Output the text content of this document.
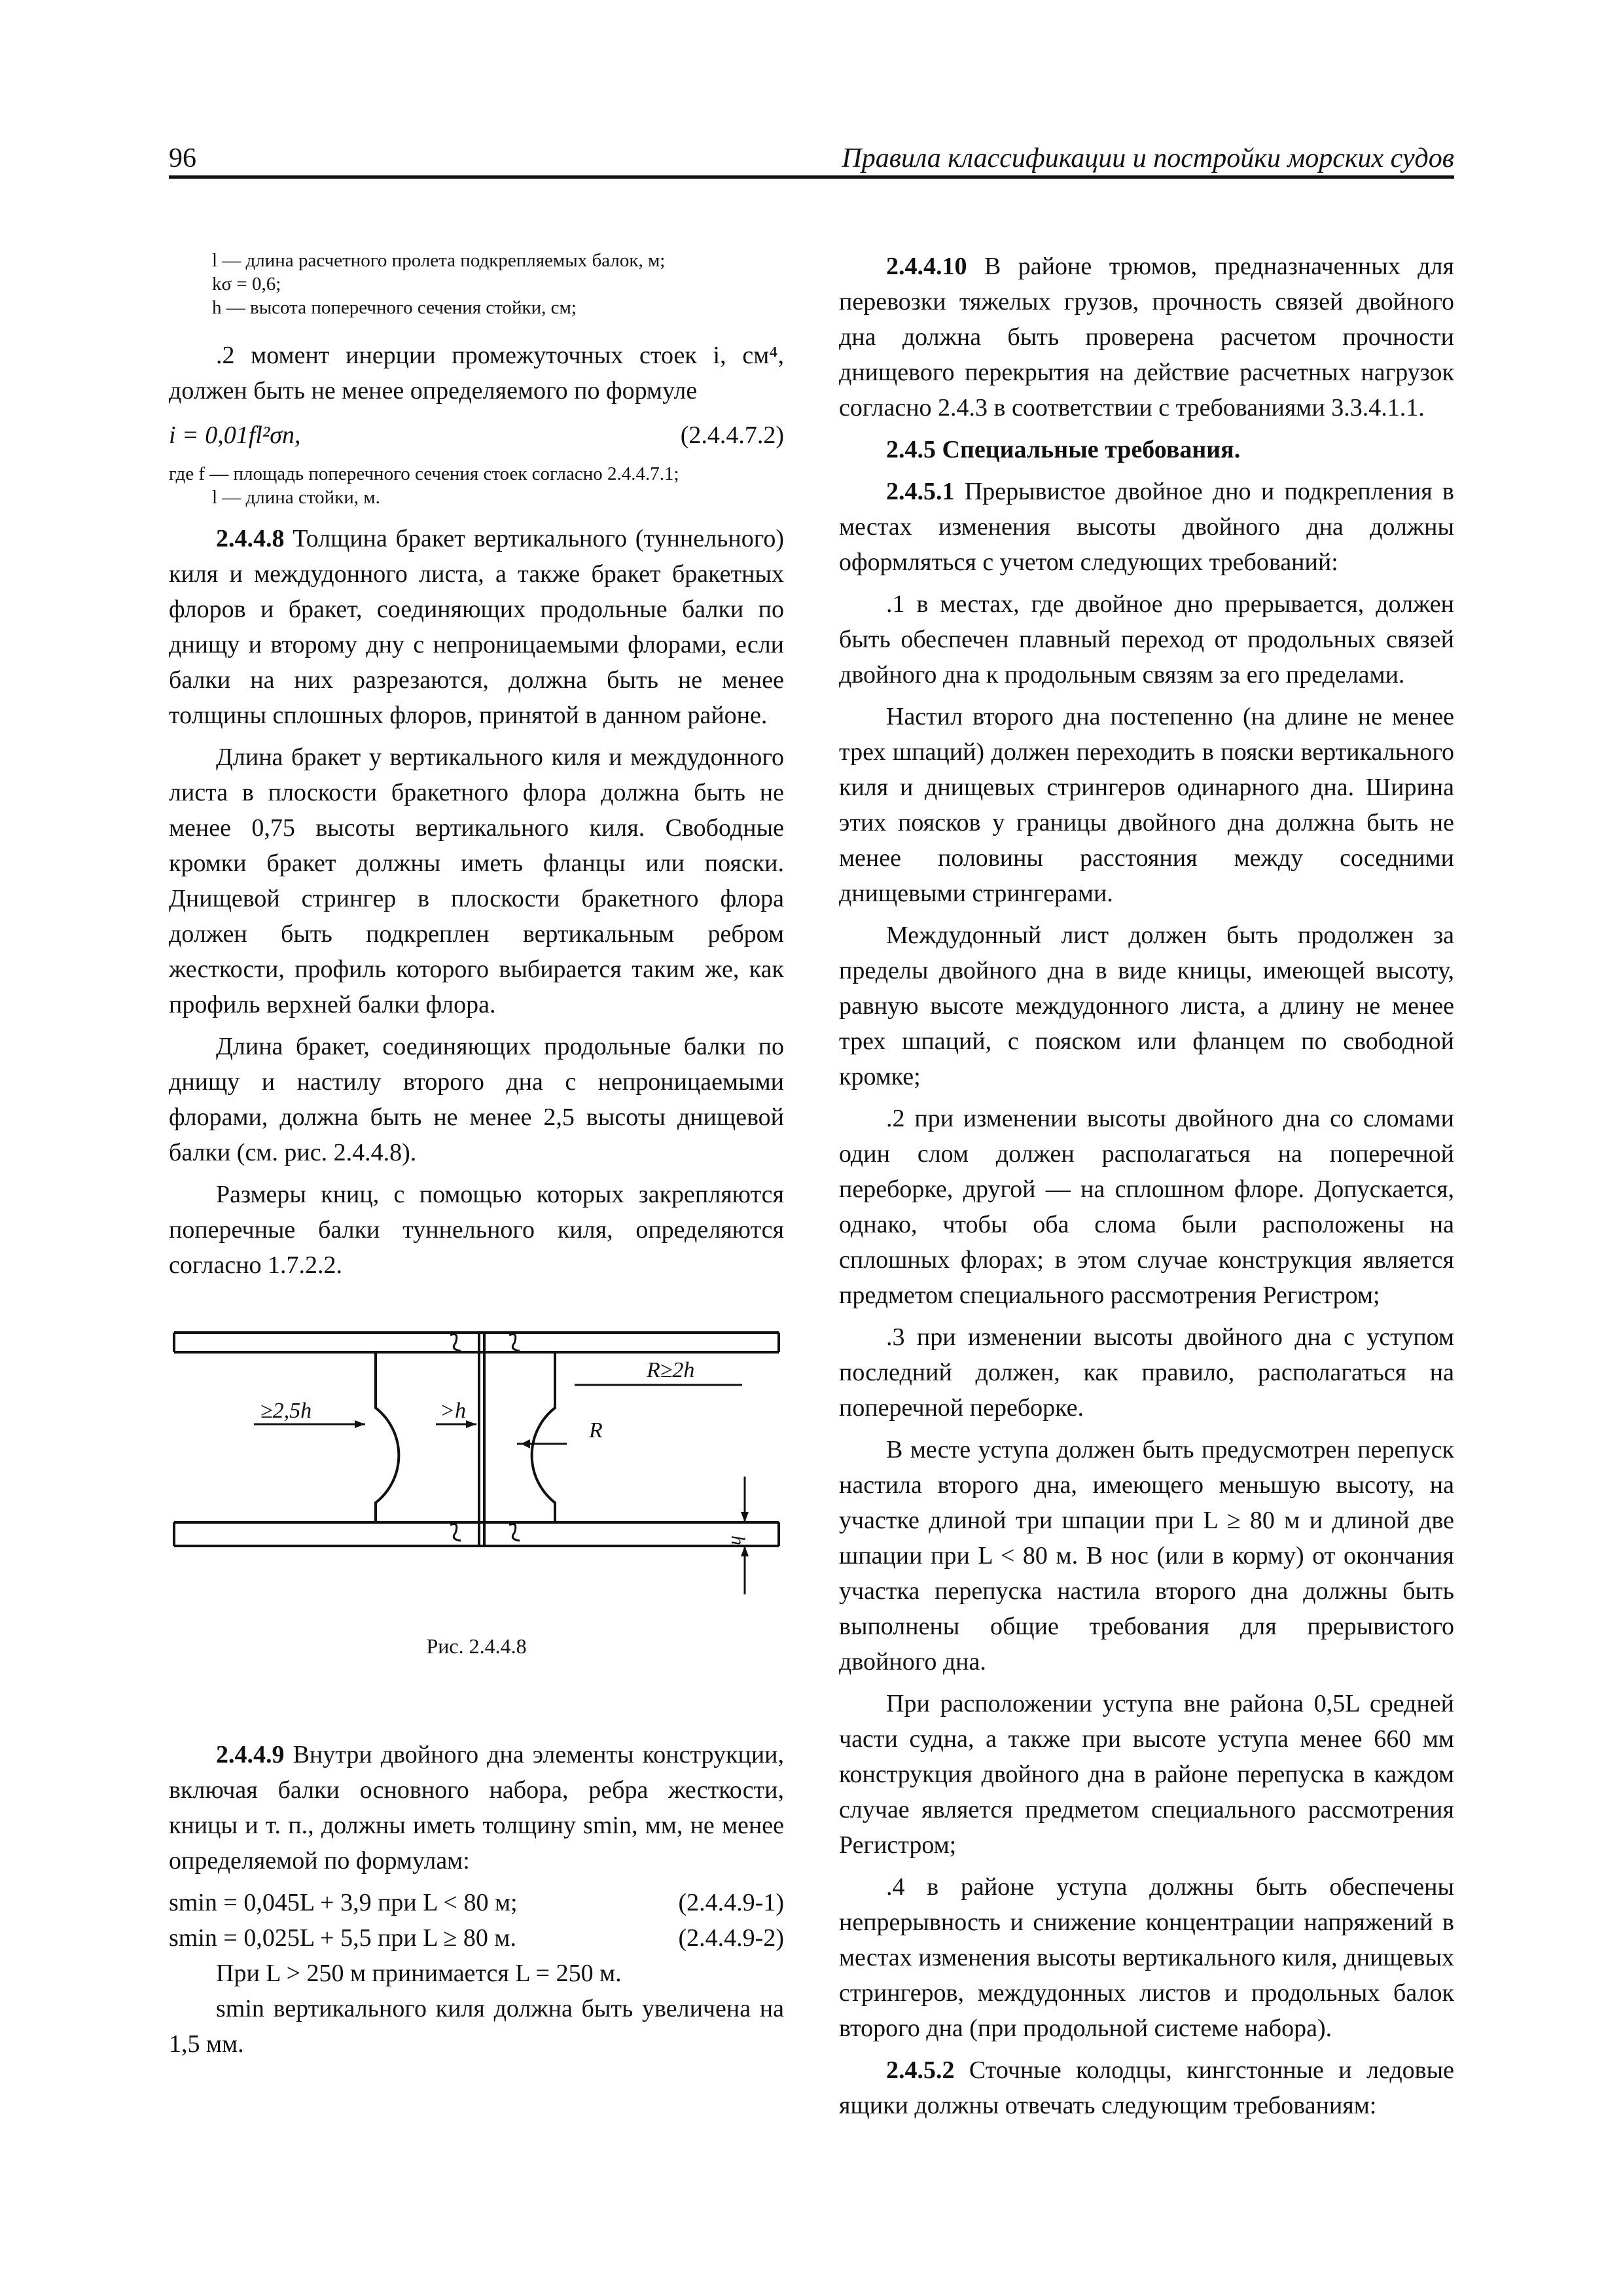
96	Правила классификации и постройки морских судов

l — длина расчетного пролета подкрепляемых балок, м;

kσ = 0,6;

h — высота поперечного сечения стойки, см;

.2 момент инерции промежуточных стоек i, см⁴, должен быть не менее определяемого по формуле

i = 0,01fl²σn,	(2.4.4.7.2)

где f — площадь поперечного сечения стоек согласно 2.4.4.7.1;

l — длина стойки, м.

2.4.4.8 Толщина бракет вертикального (туннельного) киля и междудонного листа, а также бракет бракетных флоров и бракет, соединяющих продольные балки по днищу и второму дну с непроницаемыми флорами, если балки на них разрезаются, должна быть не менее толщины сплошных флоров, принятой в данном районе.

Длина бракет у вертикального киля и междудонного листа в плоскости бракетного флора должна быть не менее 0,75 высоты вертикального киля. Свободные кромки бракет должны иметь фланцы или пояски. Днищевой стрингер в плоскости бракетного флора должен быть подкреплен вертикальным ребром жесткости, профиль которого выбирается таким же, как профиль верхней балки флора.

Длина бракет, соединяющих продольные балки по днищу и настилу второго дна с непроницаемыми флорами, должна быть не менее 2,5 высоты днищевой балки (см. рис. 2.4.4.8).

Размеры книц, с помощью которых закрепляются поперечные балки туннельного киля, определяются согласно 1.7.2.2.

≥2,5h	>h
R≥2h
R
h
Рис. 2.4.4.8

2.4.4.9 Внутри двойного дна элементы конструкции, включая балки основного набора, ребра жесткости, кницы и т. п., должны иметь толщину smin, мм, не менее определяемой по формулам:

smin = 0,045L + 3,9 при L < 80 м;	(2.4.4.9-1)
smin = 0,025L + 5,5 при L ≥ 80 м.	(2.4.4.9-2)

При L > 250 м принимается L = 250 м.

smin вертикального киля должна быть увеличена на 1,5 мм.

2.4.4.10 В районе трюмов, предназначенных для перевозки тяжелых грузов, прочность связей двойного дна должна быть проверена расчетом прочности днищевого перекрытия на действие расчетных нагрузок согласно 2.4.3 в соответствии с требованиями 3.3.4.1.1.

2.4.5 Специальные требования.

2.4.5.1 Прерывистое двойное дно и подкрепления в местах изменения высоты двойного дна должны оформляться с учетом следующих требований:

.1 в местах, где двойное дно прерывается, должен быть обеспечен плавный переход от продольных связей двойного дна к продольным связям за его пределами.

Настил второго дна постепенно (на длине не менее трех шпаций) должен переходить в пояски вертикального киля и днищевых стрингеров одинарного дна. Ширина этих поясков у границы двойного дна должна быть не менее половины расстояния между соседними днищевыми стрингерами.

Междудонный лист должен быть продолжен за пределы двойного дна в виде кницы, имеющей высоту, равную высоте междудонного листа, а длину не менее трех шпаций, с пояском или фланцем по свободной кромке;

.2 при изменении высоты двойного дна со сломами один слом должен располагаться на поперечной переборке, другой — на сплошном флоре. Допускается, однако, чтобы оба слома были расположены на сплошных флорах; в этом случае конструкция является предметом специального рассмотрения Регистром;

.3 при изменении высоты двойного дна с уступом последний должен, как правило, располагаться на поперечной переборке.

В месте уступа должен быть предусмотрен перепуск настила второго дна, имеющего меньшую высоту, на участке длиной три шпации при L ≥ 80 м и длиной две шпации при L < 80 м. В нос (или в корму) от окончания участка перепуска настила второго дна должны быть выполнены общие требования для прерывистого двойного дна.

При расположении уступа вне района 0,5L средней части судна, а также при высоте уступа менее 660 мм конструкция двойного дна в районе перепуска в каждом случае является предметом специального рассмотрения Регистром;

.4 в районе уступа должны быть обеспечены непрерывность и снижение концентрации напряжений в местах изменения высоты вертикального киля, днищевых стрингеров, междудонных листов и продольных балок второго дна (при продольной системе набора).

2.4.5.2 Сточные колодцы, кингстонные и ледовые ящики должны отвечать следующим требованиям:
